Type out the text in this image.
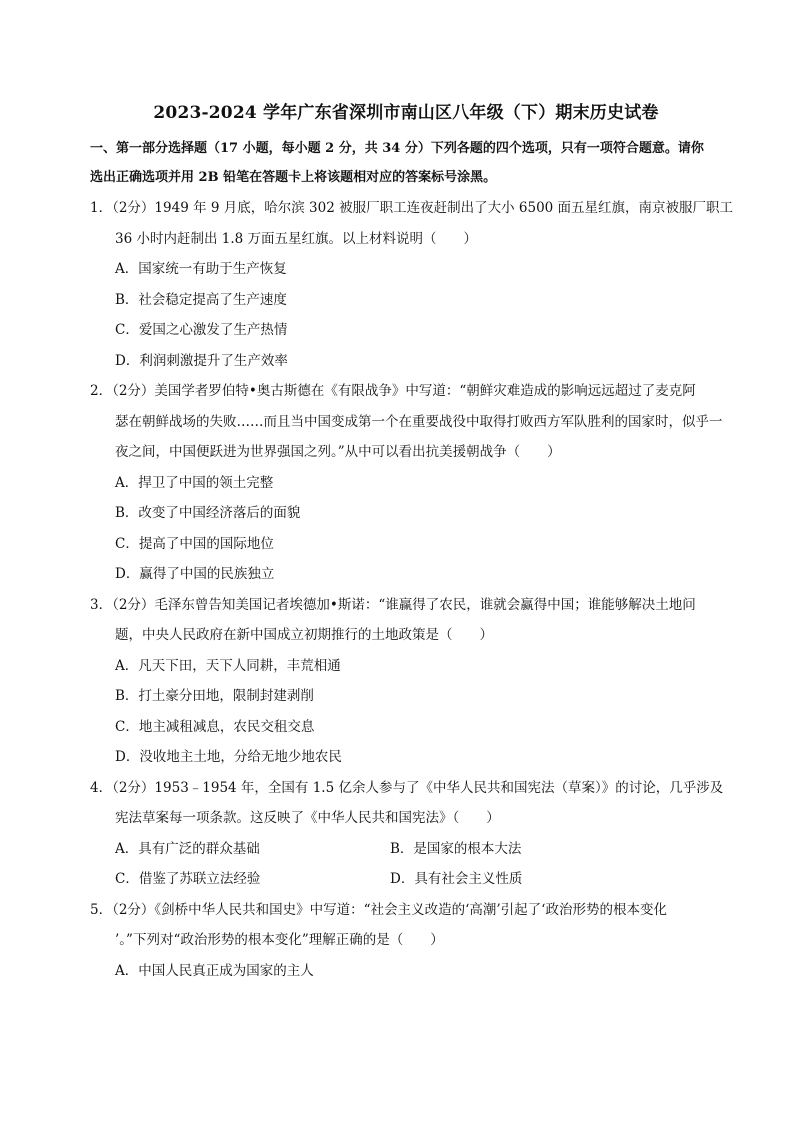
2023-2024 学年广东省深圳市南山区八年级（下）期末历史试卷
一、第一部分选择题（17 小题，每小题 2 分，共 34 分）下列各题的四个选项，只有一项符合题意。请你
选出正确选项并用 2B 铅笔在答题卡上将该题相对应的答案标号涂黑。

1．（2分）1949 年 9 月底，哈尔滨 302 被服厂职工连夜赶制出了大小 6500 面五星红旗，南京被服厂职工
36 小时内赶制出 1.8 万面五星红旗。以上材料说明（　　）

A．国家统一有助于生产恢复
B．社会稳定提高了生产速度
C．爱国之心激发了生产热情
D．利润刺激提升了生产效率

2．（2分）美国学者罗伯特•奥古斯德在《有限战争》中写道：“朝鲜灾难造成的影响远远超过了麦克阿
瑟在朝鲜战场的失败……而且当中国变成第一个在重要战役中取得打败西方军队胜利的国家时，似乎一
夜之间，中国便跃进为世界强国之列。”从中可以看出抗美援朝战争（　　）

A．捍卫了中国的领土完整
B．改变了中国经济落后的面貌
C．提高了中国的国际地位
D．赢得了中国的民族独立

3．（2分）毛泽东曾告知美国记者埃德加•斯诺：“谁赢得了农民，谁就会赢得中国；谁能够解决土地问
题，中央人民政府在新中国成立初期推行的土地政策是（　　）

A．凡天下田，天下人同耕，丰荒相通
B．打土豪分田地，限制封建剥削
C．地主减租减息，农民交租交息
D．没收地主土地，分给无地少地农民

4．（2分）1953﹣1954 年，全国有 1.5 亿余人参与了《中华人民共和国宪法（草案）》的讨论，几乎涉及
宪法草案每一项条款。这反映了《中华人民共和国宪法》（　　）

A．具有广泛的群众基础	B．是国家的根本大法
C．借鉴了苏联立法经验	D．具有社会主义性质

5．（2分）《剑桥中华人民共和国史》中写道：“社会主义改造的‘高潮’引起了‘政治形势的根本变化
’。”下列对“政治形势的根本变化”理解正确的是（　　）

A．中国人民真正成为国家的主人
